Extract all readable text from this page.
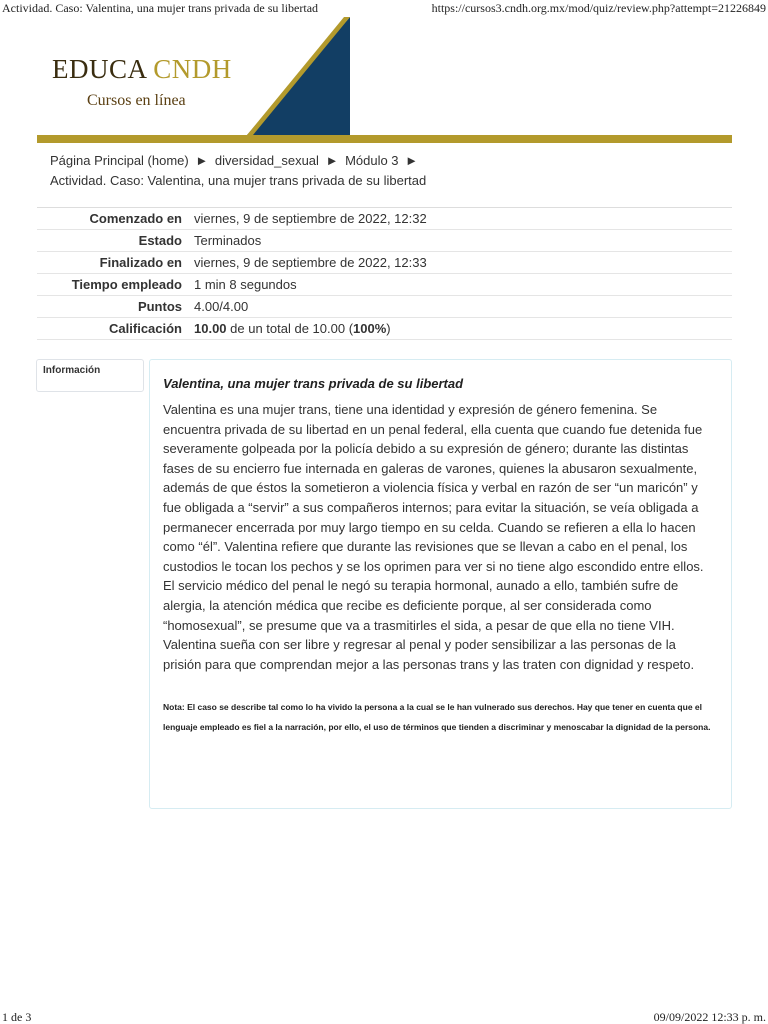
Actividad. Caso: Valentina, una mujer trans privada de su libertad	https://cursos3.cndh.org.mx/mod/quiz/review.php?attempt=21226849
EDUCA CNDH
Cursos en línea
Página Principal (home) ► diversidad_sexual ► Módulo 3 ►
Actividad. Caso: Valentina, una mujer trans privada de su libertad
Comenzado en viernes, 9 de septiembre de 2022, 12:32
Estado Terminados
Finalizado en viernes, 9 de septiembre de 2022, 12:33
Tiempo empleado 1 min 8 segundos
Puntos 4.00/4.00
Calificación 10.00 de un total de 10.00 (100%)
Información
Valentina, una mujer trans privada de su libertad
Valentina es una mujer trans, tiene una identidad y expresión de género femenina. Se encuentra privada de su libertad en un penal federal, ella cuenta que cuando fue detenida fue severamente golpeada por la policía debido a su expresión de género; durante las distintas fases de su encierro fue internada en galeras de varones, quienes la abusaron sexualmente, además de que éstos la sometieron a violencia física y verbal en razón de ser “un maricón” y fue obligada a “servir” a sus compañeros internos; para evitar la situación, se veía obligada a permanecer encerrada por muy largo tiempo en su celda. Cuando se refieren a ella lo hacen como “él”. Valentina refiere que durante las revisiones que se llevan a cabo en el penal, los custodios le tocan los pechos y se los oprimen para ver si no tiene algo escondido entre ellos. El servicio médico del penal le negó su terapia hormonal, aunado a ello, también sufre de alergia, la atención médica que recibe es deficiente porque, al ser considerada como “homosexual”, se presume que va a trasmitirles el sida, a pesar de que ella no tiene VIH. Valentina sueña con ser libre y regresar al penal y poder sensibilizar a las personas de la prisión para que comprendan mejor a las personas trans y las traten con dignidad y respeto.
Nota: El caso se describe tal como lo ha vivido la persona a la cual se le han vulnerado sus derechos. Hay que tener en cuenta que el lenguaje empleado es fiel a la narración, por ello, el uso de términos que tienden a discriminar y menoscabar la dignidad de la persona.
1 de 3	09/09/2022 12:33 p. m.
